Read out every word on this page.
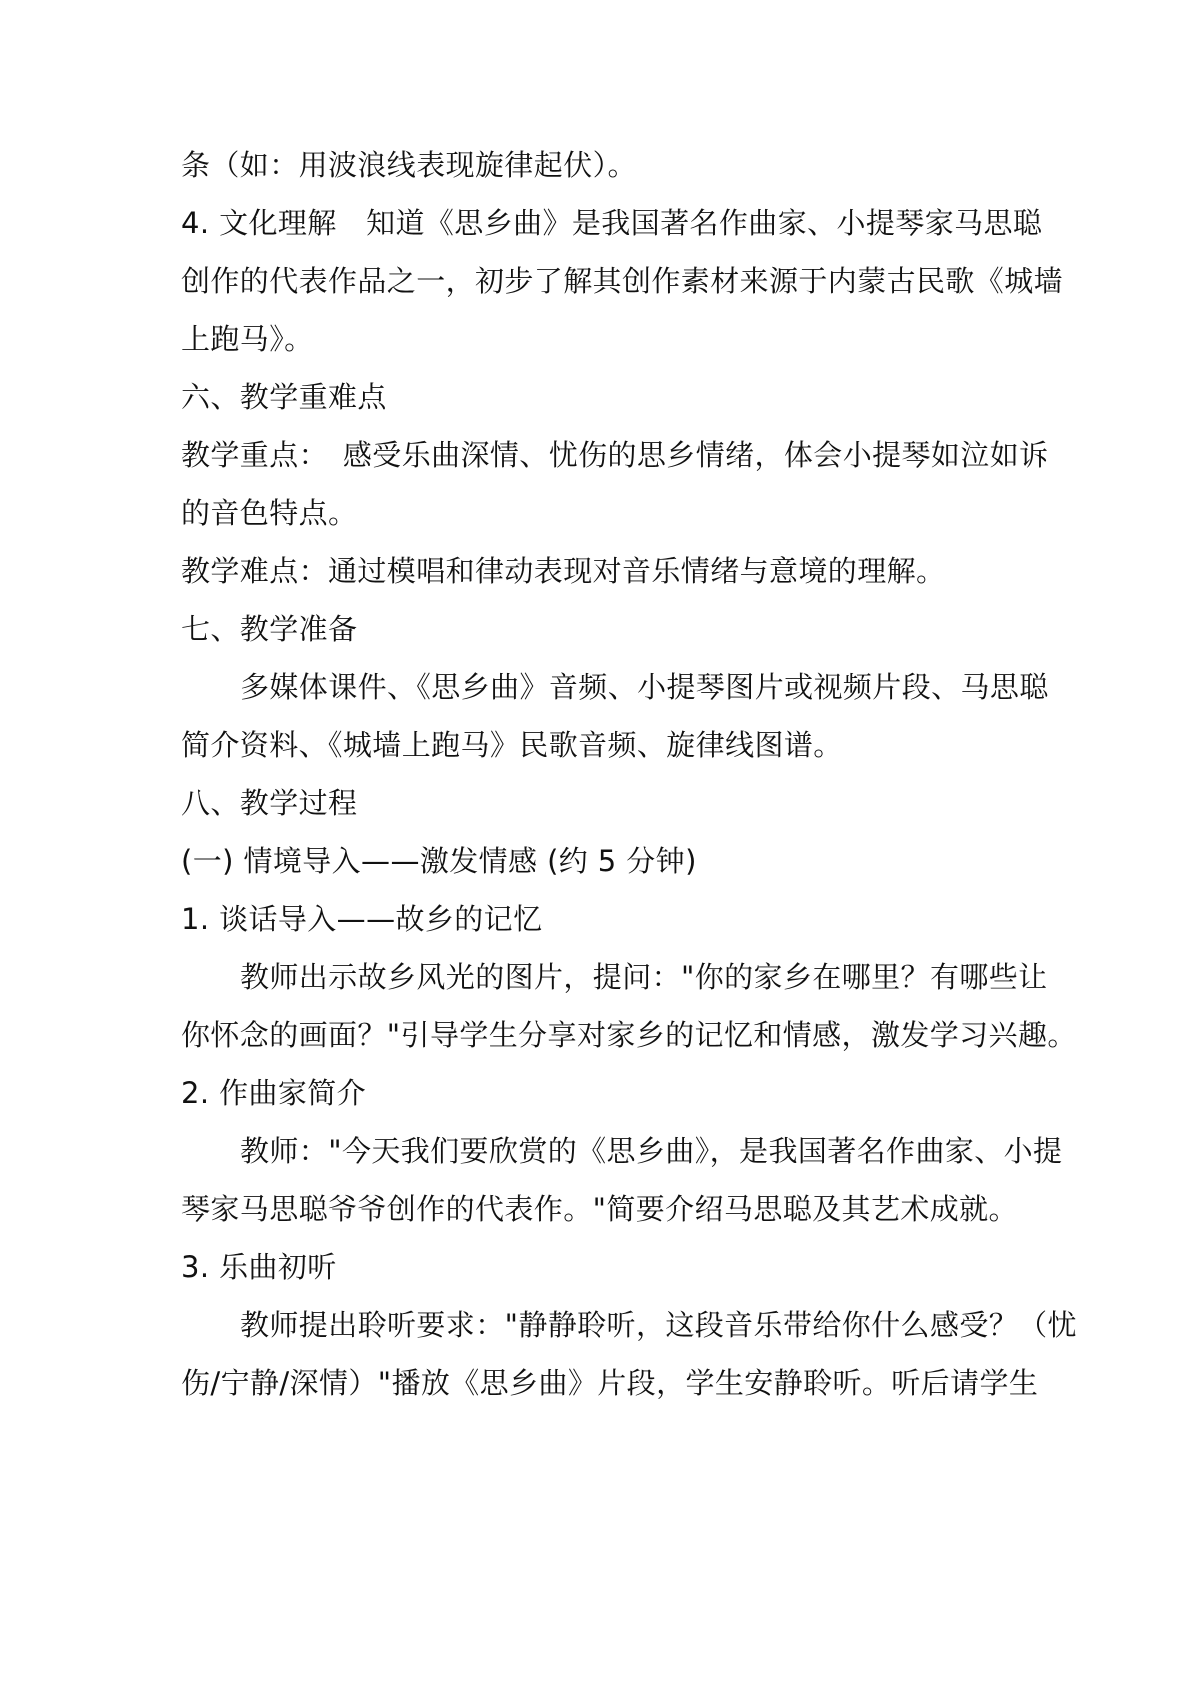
条（如：用波浪线表现旋律起伏）。
4. 文化理解　知道《思乡曲》是我国著名作曲家、小提琴家马思聪
创作的代表作品之一，初步了解其创作素材来源于内蒙古民歌《城墙
上跑马》。
六、教学重难点
教学重点：　感受乐曲深情、忧伤的思乡情绪，体会小提琴如泣如诉
的音色特点。
教学难点：通过模唱和律动表现对音乐情绪与意境的理解。
七、教学准备
多媒体课件、《思乡曲》音频、小提琴图片或视频片段、马思聪
简介资料、《城墙上跑马》民歌音频、旋律线图谱。
八、教学过程
(一) 情境导入——激发情感 (约 5 分钟)
1. 谈话导入——故乡的记忆
教师出示故乡风光的图片，提问："你的家乡在哪里？有哪些让
你怀念的画面？"引导学生分享对家乡的记忆和情感，激发学习兴趣。
2. 作曲家简介
教师："今天我们要欣赏的《思乡曲》，是我国著名作曲家、小提
琴家马思聪爷爷创作的代表作。"简要介绍马思聪及其艺术成就。
3. 乐曲初听
教师提出聆听要求："静静聆听，这段音乐带给你什么感受？（忧
伤/宁静/深情）"播放《思乡曲》片段，学生安静聆听。听后请学生
